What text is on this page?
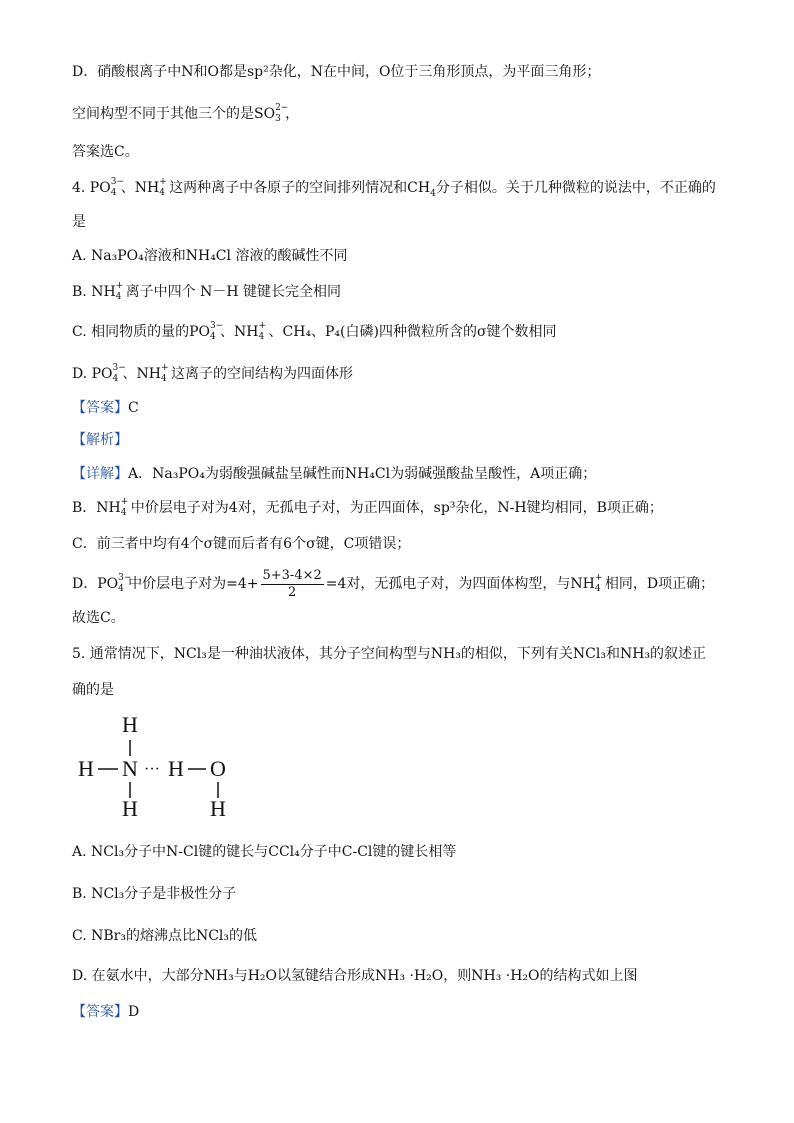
D．硝酸根离子中N和O都是sp²杂化，N在中间，O位于三角形顶点，为平面三角形；
空间构型不同于其他三个的是SO 2−
3 ，
答案选C。
4. PO 3−
4 、NH +
4 这两种离子中各原子的空间排列情况和$CH_4$分子相似。关于几种微粒的说法中，不正确的
是
A. Na₃PO₄溶液和NH₄Cl 溶液的酸碱性不同
B. NH +
4 离子中四个 N－H 键键长完全相同
C. 相同物质的量的PO 3−
4 、NH +
4 、CH₄、P₄(白磷)四种微粒所含的σ键个数相同
D. PO 3−
4 、NH +
4 这离子的空间结构为四面体形
【答案】C
【解析】
【详解】A．Na₃PO₄为弱酸强碱盐呈碱性而NH₄Cl为弱碱强酸盐呈酸性，A项正确；
B．NH +
4 中价层电子对为4对，无孤电子对，为正四面体，sp³杂化，N-H键均相同，B项正确；
C．前三者中均有4个σ键而后者有6个σ键，C项错误；
D．PO 3−
4 中价层电子对为$=4+ \frac{5+3-4\times 2}{2} =4$对，无孤电子对，为四面体构型，与NH +
4 相同，D项正确；
故选C。
5. 通常情况下，NCl₃是一种油状液体，其分子空间构型与NH₃的相似，下列有关NCl₃和NH₃的叙述正
确的是
H
H N ··· H O
H	H
A. NCl₃分子中N-Cl键的键长与CCl₄分子中C-Cl键的键长相等
B. NCl₃分子是非极性分子
C. NBr₃的熔沸点比NCl₃的低
D. 在氨水中，大部分NH₃与H₂O以氢键结合形成NH₃ ·H₂O，则NH₃ ·H₂O的结构式如上图
【答案】D
